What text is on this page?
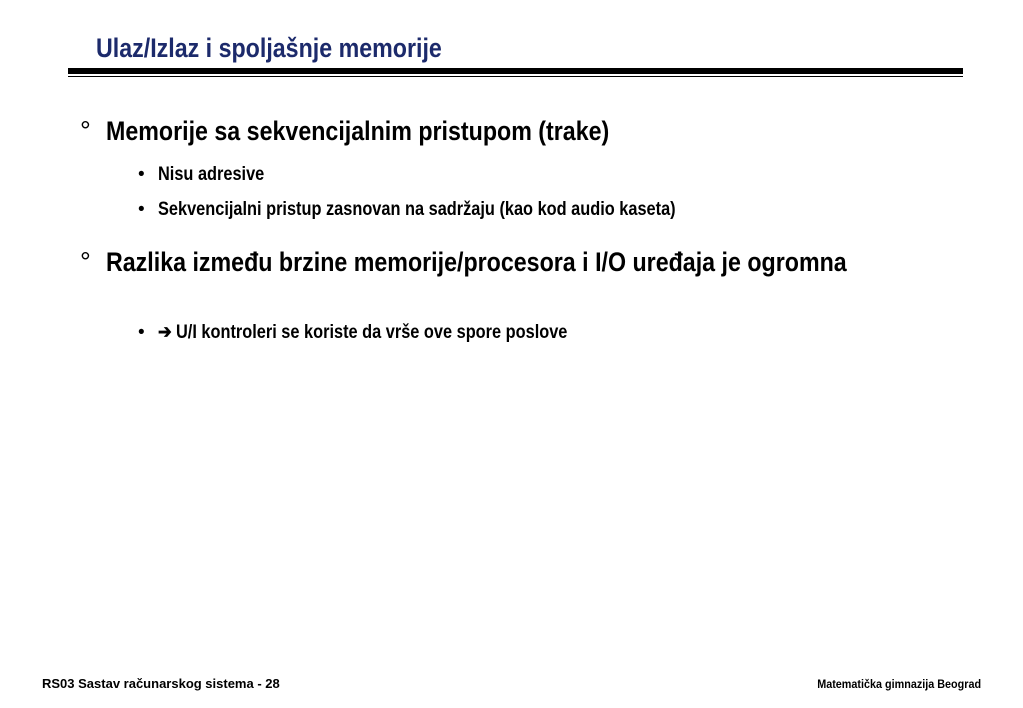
Ulaz/Izlaz i spoljašnje memorije
° Memorije sa sekvencijalnim pristupom (trake)
• Nisu adresive
• Sekvencijalni pristup zasnovan na sadržaju (kao kod audio kaseta)
° Razlika između brzine memorije/procesora i I/O uređaja je ogromna
• ➔ U/I kontroleri se koriste da vrše ove spore poslove
RS03 Sastav računarskog sistema - 28	Matematička gimnazija Beograd
